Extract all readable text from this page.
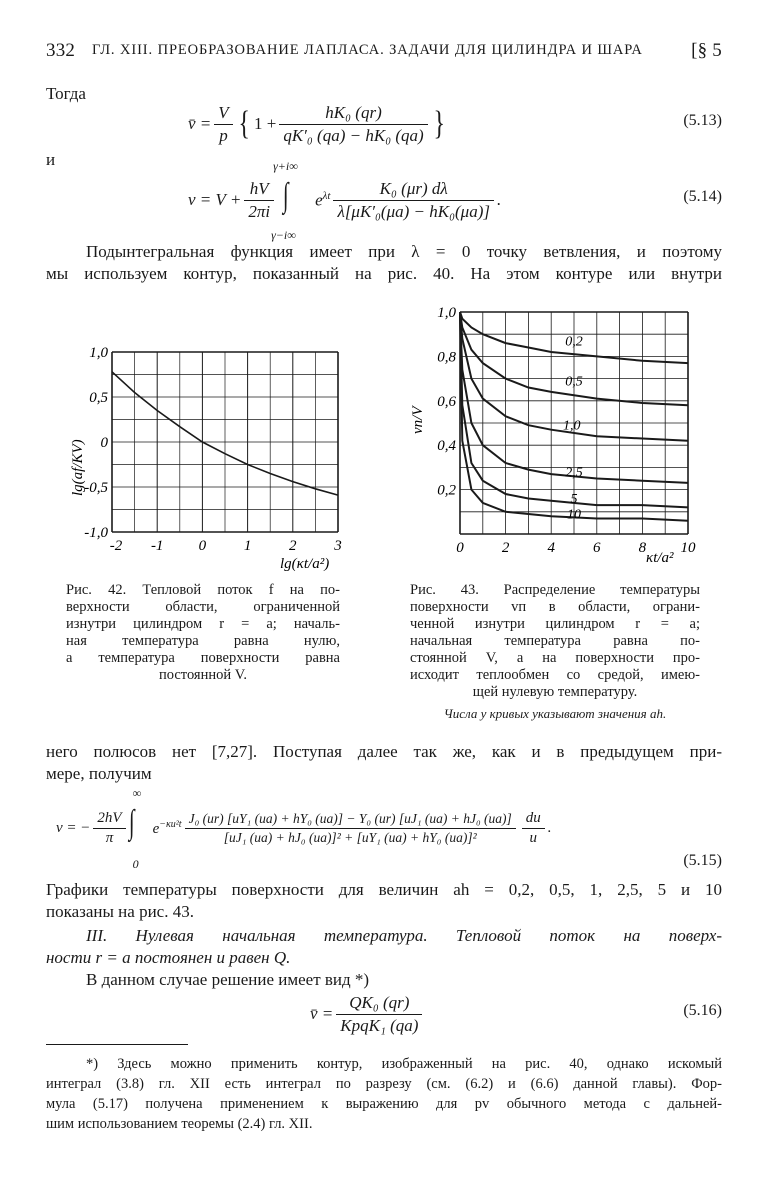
332 ГЛ. XIII. ПРЕОБРАЗОВАНИЕ ЛАПЛАСА. ЗАДАЧИ ДЛЯ ЦИЛИНДРА И ШАРА	[§ 5
Тогда
v̄ = $\frac{V}{p}$ { $1 + \frac{\text{hK₀ (qr)}}{\text{qK′₀ (qa) − hK₀ (qa)}}$ }	(5.13)
и
$v = V + \frac{hV}{2\pi i}$
γ+i∞
∫
γ−i∞
$e^{\lambda t} \frac{\text{K₀ (μr) dλ}}{\text{λ[μK′₀(μa) − hK₀(μa)]}}$ .	(5.14)
Подынтегральная функция имеет при λ = 0 точку ветвления, и поэтому
мы используем контур, показанный на рис. 40. На этом контуре или внутри
-2 -1 0	1	2	3
1,0
0,5
0
-0,5
-1,0
lg(κt/a²)
lg(af/KV)
Рис. 42. Тепловой поток f на по-
верхности области, ограниченной
изнутри цилиндром r = a; началь-
ная температура равна нулю,
а температура поверхности равна
постоянной V.
0	2	4	6	8 10
1,0
0,8
0,6
0,4
0,2
0,2
0,5
1,0
2,5
5
10
κt/a²
vп/V
Рис. 43. Распределение температуры
поверхности vп в области, ограни-
ченной изнутри цилиндром r = a;
начальная температура равна по-
стоянной V, а на поверхности про-
исходит теплообмен со средой, имею-
щей нулевую температуру.
Числа у кривых указывают значения ah.
него полюсов нет [7,27]. Поступая далее так же, как и в предыдущем при-
мере, получим
v = − $\frac{2hV}{\pi}$
∞
∫
0
$e^{-\kappa u^2t}$ J₀ (ur) [uY₁ (ua) + hY₀ (ua)] − Y₀ (ur) [uJ₁ (ua) + hJ₀ (ua)]
[uJ₁ (ua) + hJ₀ (ua)]² + [uY₁ (ua) + hY₀ (ua)]²	$\frac{du}{u}$ .
(5.15)
Графики температуры поверхности для величин ah = 0,2, 0,5, 1, 2,5, 5 и 10
показаны на рис. 43.
III. Нулевая начальная температура. Тепловой поток на поверх-
ности r = a постоянен и равен Q.
В данном случае решение имеет вид *)
v̄ = $\frac{\text{QK₀ (qr)}}{\text{KpqK₁ (qa)}}$	(5.16)
*) Здесь можно применить контур, изображенный на рис. 40, однако искомый
интеграл (3.8) гл. XII есть интеграл по разрезу (см. (6.2) и (6.6) данной главы). Фор-
мула (5.17) получена применением к выражению для pv обычного метода с дальней-
шим использованием теоремы (2.4) гл. XII.
